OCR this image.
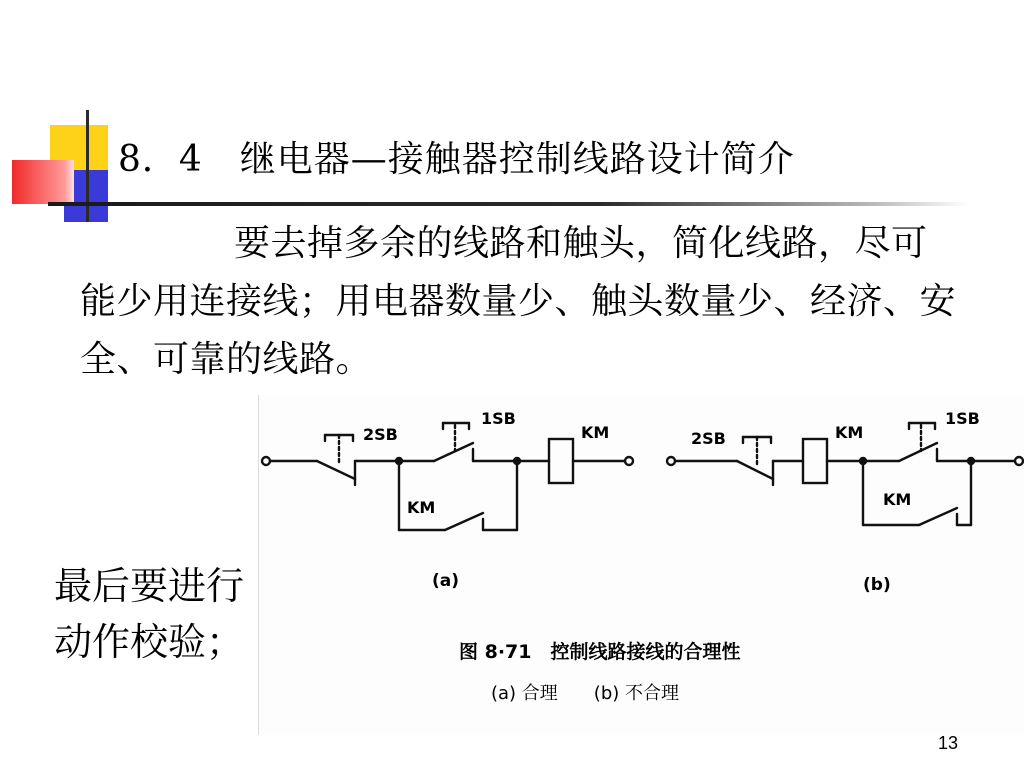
8．4　继电器—接触器控制线路设计简介
要去掉多余的线路和触头，简化线路，尽可能少用连接线；用电器数量少、触头数量少、经济、安全、可靠的线路。
最后要进行动作校验；
2SB
1SB
KM
KM
2SB	KM
1SB
KM
(a)	(b)
图 8·71　控制线路接线的合理性
(a) 合理　　(b) 不合理
13
